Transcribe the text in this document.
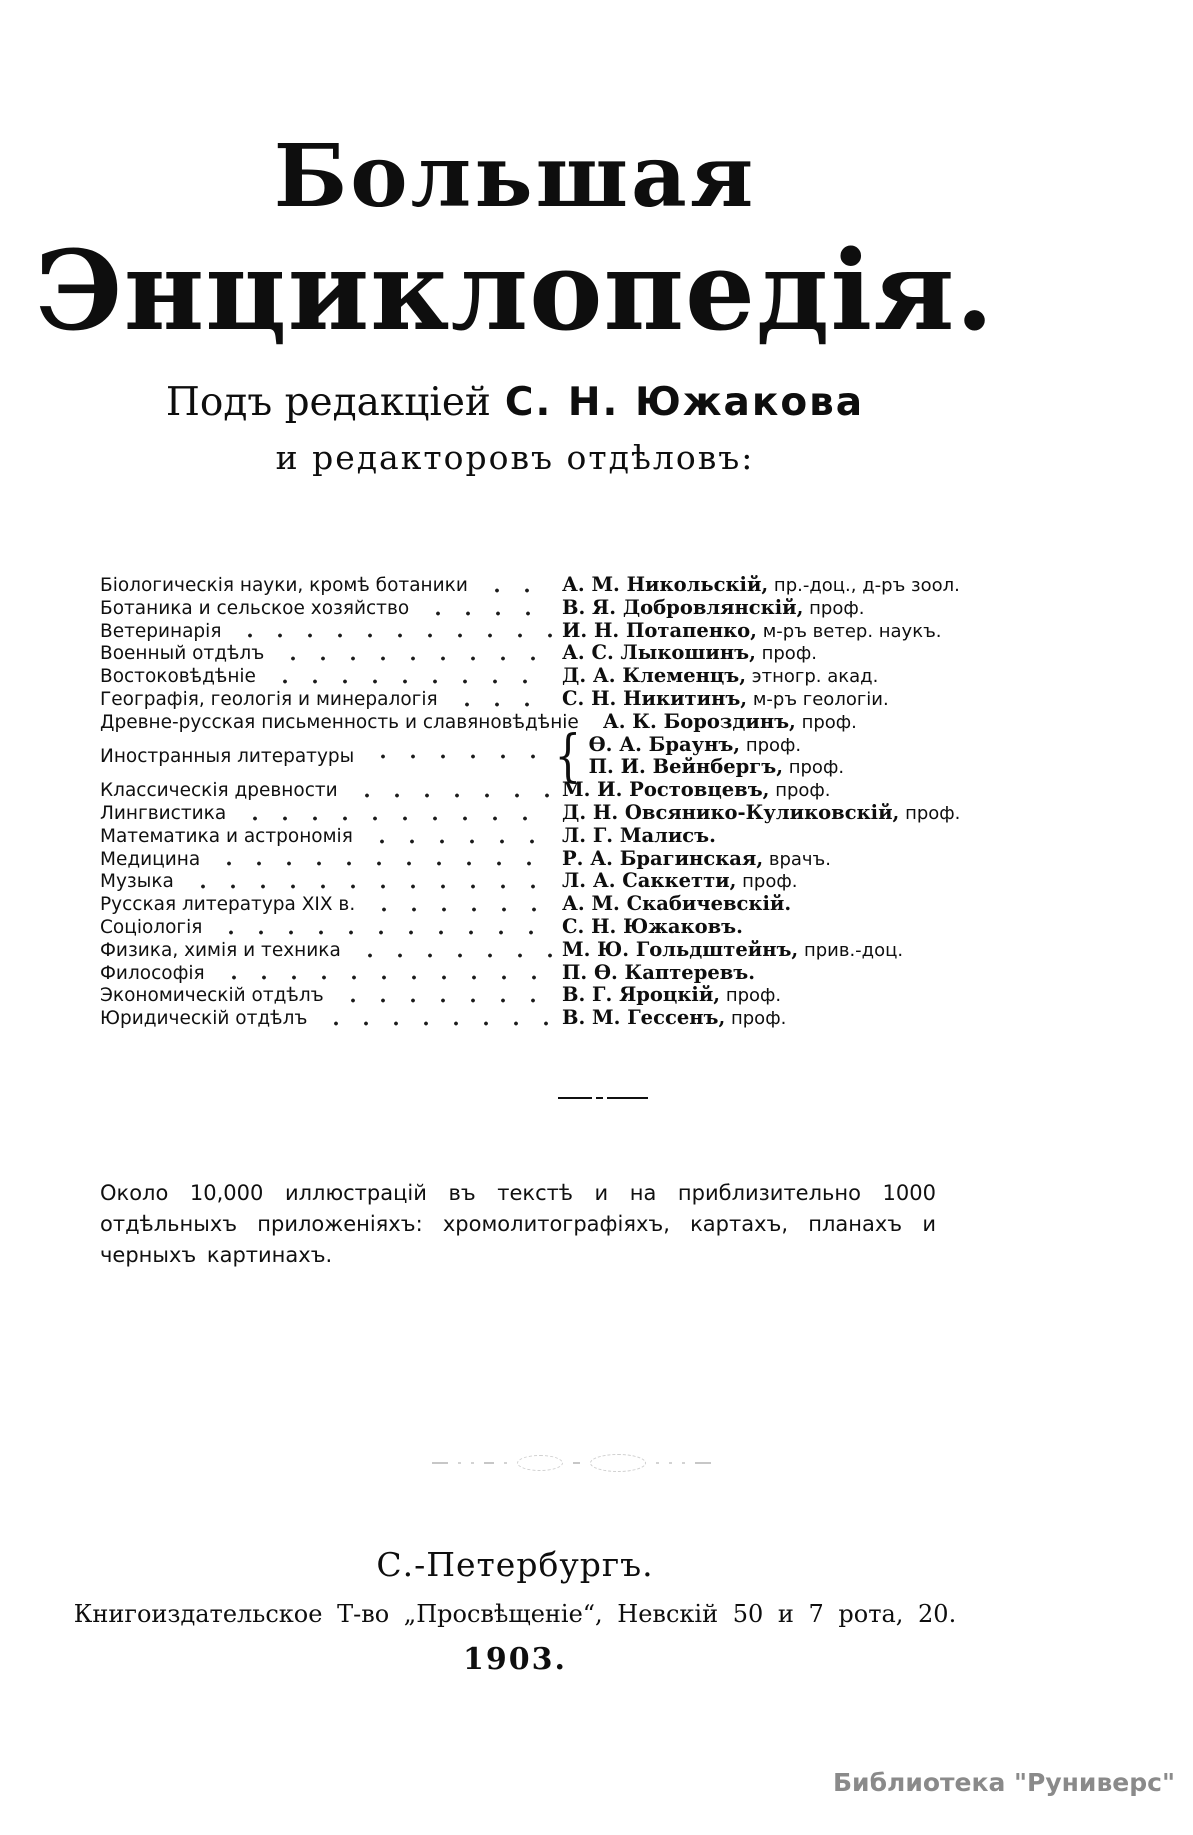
Большая
Энциклопедія.
Подъ редакціей С. Н. Южакова
и редакторовъ отдѣловъ:
Біологическія науки, кромѣ ботаники	А. М. Никольскій, пр.-доц., д-ръ зоол.
Ботаника и сельское хозяйство	В. Я. Добровлянскій, проф.
Ветеринарія	И. Н. Потапенко, м-ръ ветер. наукъ.
Военный отдѣлъ	А. С. Лыкошинъ, проф.
Востоковѣдѣніе	Д. А. Клеменцъ, этногр. акад.
Географія, геологія и минералогія	С. Н. Никитинъ, м-ръ геологіи.
Древне-русская письменность и славяновѣдѣніе А. К. Бороздинъ, проф.
Иностранныя литературы	{ Ѳ. А. Браунъ, проф.
П. И. Вейнбергъ, проф.
Классическія древности	М. И. Ростовцевъ, проф.
Лингвистика	Д. Н. Овсянико-Куликовскій, проф.
Математика и астрономія	Л. Г. Малисъ.
Медицина	Р. А. Брагинская, врачъ.
Музыка	Л. А. Саккетти, проф.
Русская литература XIX в.	А. М. Скабичевскій.
Соціологія	С. Н. Южаковъ.
Физика, химія и техника	М. Ю. Гольдштейнъ, прив.-доц.
Философія	П. Ѳ. Каптеревъ.
Экономическій отдѣлъ	В. Г. Яроцкій, проф.
Юридическій отдѣлъ	В. М. Гессенъ, проф.
Около 10,000 иллюстрацій въ текстѣ и на приблизительно 1000 отдѣльныхъ приложеніяхъ: хромолитографіяхъ, картахъ, планахъ и черныхъ картинахъ.
С.-Петербургъ.
Книгоиздательское Т-во „Просвѣщеніе“, Невскій 50 и 7 рота, 20.
1903.
Библиотека "Руниверс"
